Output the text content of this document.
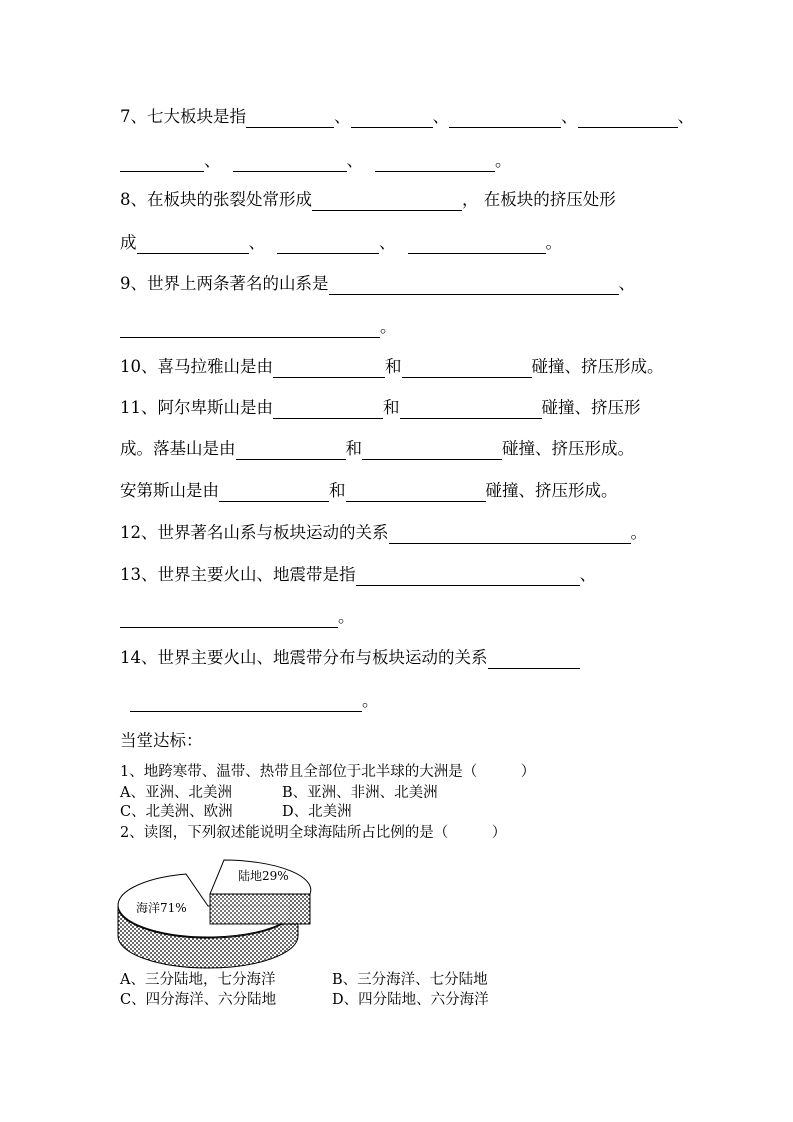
7、七大板块是指	、	、	、	、
、	、	。
8、在板块的张裂处常形成	， 在板块的挤压处形
成	、	、	。
9、世界上两条著名的山系是	、
。
10、喜马拉雅山是由	和	碰撞、挤压形成。
11、阿尔卑斯山是由	和	碰撞、挤压形
成。落基山是由	和	碰撞、挤压形成。
安第斯山是由	和	碰撞、挤压形成。
12、世界著名山系与板块运动的关系	。
13、世界主要火山、地震带是指	、
。
14、世界主要火山、地震带分布与板块运动的关系
。
当堂达标：
1、地跨寒带、温带、热带且全部位于北半球的大洲是（　　　）
A、亚洲、北美洲	B、亚洲、非洲、北美洲
C、北美洲、欧洲	D、北美洲
2、读图，下列叙述能说明全球海陆所占比例的是（　　　）
陆地29%
海洋71%
A、三分陆地，七分海洋	B、三分海洋、七分陆地
C、四分海洋、六分陆地	D、四分陆地、六分海洋
